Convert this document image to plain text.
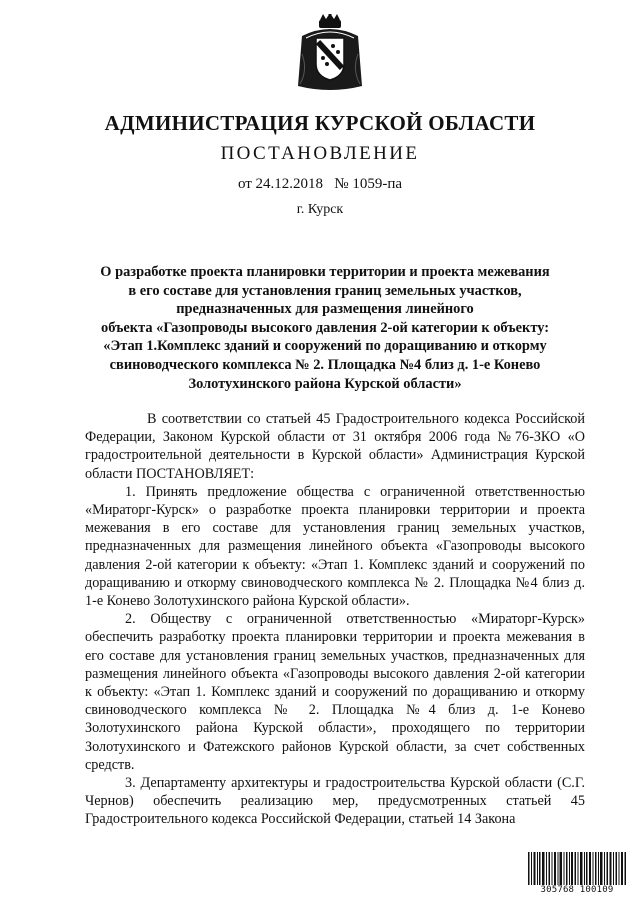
АДМИНИСТРАЦИЯ КУРСКОЙ ОБЛАСТИ
ПОСТАНОВЛЕНИЕ
от 24.12.2018   № 1059-па
г. Курск
О разработке проекта планировки территории и проекта межевания
в его составе для установления границ земельных участков,
предназначенных для размещения линейного
объекта «Газопроводы высокого давления 2-ой категории к объекту:
«Этап 1.Комплекс зданий и сооружений по доращиванию и откорму
свиноводческого комплекса № 2. Площадка №4 близ д. 1-е Конево
Золотухинского района Курской области»

В соответствии со статьей 45 Градостроительного кодекса Российской Федерации, Законом Курской области от 31 октября 2006 года №76-ЗКО «О градостроительной деятельности в Курской области» Администрация Курской области ПОСТАНОВЛЯЕТ:

1. Принять предложение общества с ограниченной ответственностью «Мираторг-Курск» о разработке проекта планировки территории и проекта межевания в его составе для установления границ земельных участков, предназначенных для размещения линейного объекта «Газопроводы высокого давления 2-ой категории к объекту: «Этап 1. Комплекс зданий и сооружений по доращиванию и откорму свиноводческого комплекса № 2. Площадка №4 близ д. 1-е Конево Золотухинского района Курской области».

2. Обществу с ограниченной ответственностью «Мираторг-Курск» обеспечить разработку проекта планировки территории и проекта межевания в его составе для установления границ земельных участков, предназначенных для размещения линейного объекта «Газопроводы высокого давления 2-ой категории к объекту: «Этап 1. Комплекс зданий и сооружений по доращиванию и откорму свиноводческого комплекса № 2. Площадка №4 близ д. 1-е Конево Золотухинского района Курской области», проходящего по территории Золотухинского и Фатежского районов Курской области, за счет собственных средств.

3. Департаменту архитектуры и градостроительства Курской области (С.Г. Чернов) обеспечить реализацию мер, предусмотренных статьей 45 Градостроительного кодекса Российской Федерации, статьей 14 Закона

305768 100109
